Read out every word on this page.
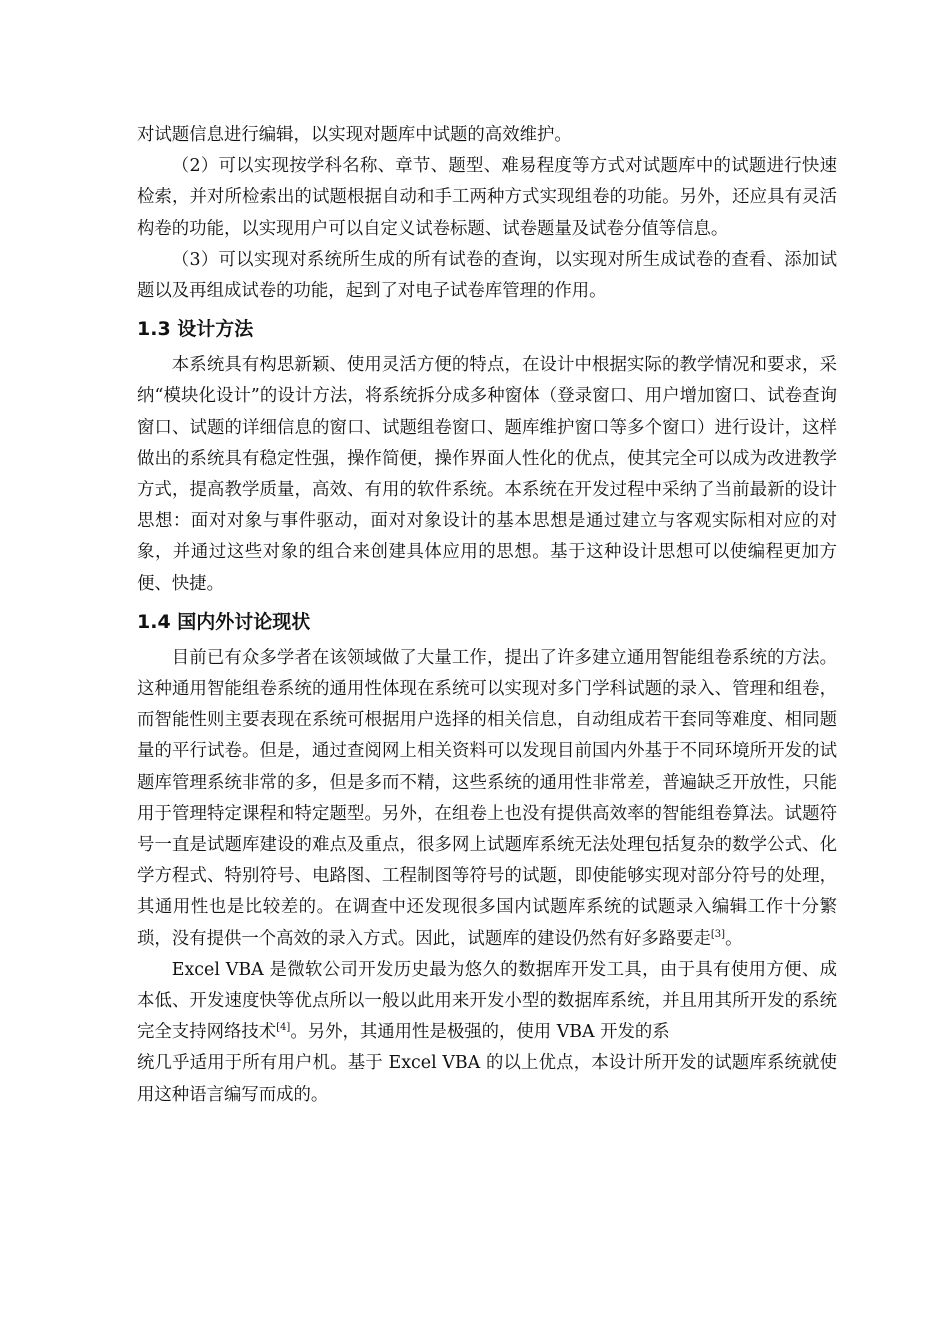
对试题信息进行编辑，以实现对题库中试题的高效维护。

（2）可以实现按学科名称、章节、题型、难易程度等方式对试题库中的试题进行快速检索，并对所检索出的试题根据自动和手工两种方式实现组卷的功能。另外，还应具有灵活构卷的功能，以实现用户可以自定义试卷标题、试卷题量及试卷分值等信息。

（3）可以实现对系统所生成的所有试卷的查询，以实现对所生成试卷的查看、添加试题以及再组成试卷的功能，起到了对电子试卷库管理的作用。

1.3 设计方法

本系统具有构思新颖、使用灵活方便的特点，在设计中根据实际的教学情况和要求，采纳“模块化设计”的设计方法，将系统拆分成多种窗体（登录窗口、用户增加窗口、试卷查询窗口、试题的详细信息的窗口、试题组卷窗口、题库维护窗口等多个窗口）进行设计，这样做出的系统具有稳定性强，操作简便，操作界面人性化的优点，使其完全可以成为改进教学方式，提高教学质量，高效、有用的软件系统。本系统在开发过程中采纳了当前最新的设计思想：面对对象与事件驱动，面对对象设计的基本思想是通过建立与客观实际相对应的对象，并通过这些对象的组合来创建具体应用的思想。基于这种设计思想可以使编程更加方便、快捷。

1.4 国内外讨论现状

目前已有众多学者在该领域做了大量工作，提出了许多建立通用智能组卷系统的方法。这种通用智能组卷系统的通用性体现在系统可以实现对多门学科试题的录入、管理和组卷，而智能性则主要表现在系统可根据用户选择的相关信息，自动组成若干套同等难度、相同题量的平行试卷。但是，通过查阅网上相关资料可以发现目前国内外基于不同环境所开发的试题库管理系统非常的多，但是多而不精，这些系统的通用性非常差，普遍缺乏开放性，只能用于管理特定课程和特定题型。另外，在组卷上也没有提供高效率的智能组卷算法。试题符号一直是试题库建设的难点及重点，很多网上试题库系统无法处理包括复杂的数学公式、化学方程式、特别符号、电路图、工程制图等符号的试题，即使能够实现对部分符号的处理，其通用性也是比较差的。在调查中还发现很多国内试题库系统的试题录入编辑工作十分繁琐，没有提供一个高效的录入方式。因此，试题库的建设仍然有好多路要走[3]。

Excel VBA 是微软公司开发历史最为悠久的数据库开发工具，由于具有使用方便、成本低、开发速度快等优点所以一般以此用来开发小型的数据库系统，并且用其所开发的系统完全支持网络技术[4]。另外，其通用性是极强的，使用 VBA 开发的系

统几乎适用于所有用户机。基于 Excel VBA 的以上优点，本设计所开发的试题库系统就使用这种语言编写而成的。
